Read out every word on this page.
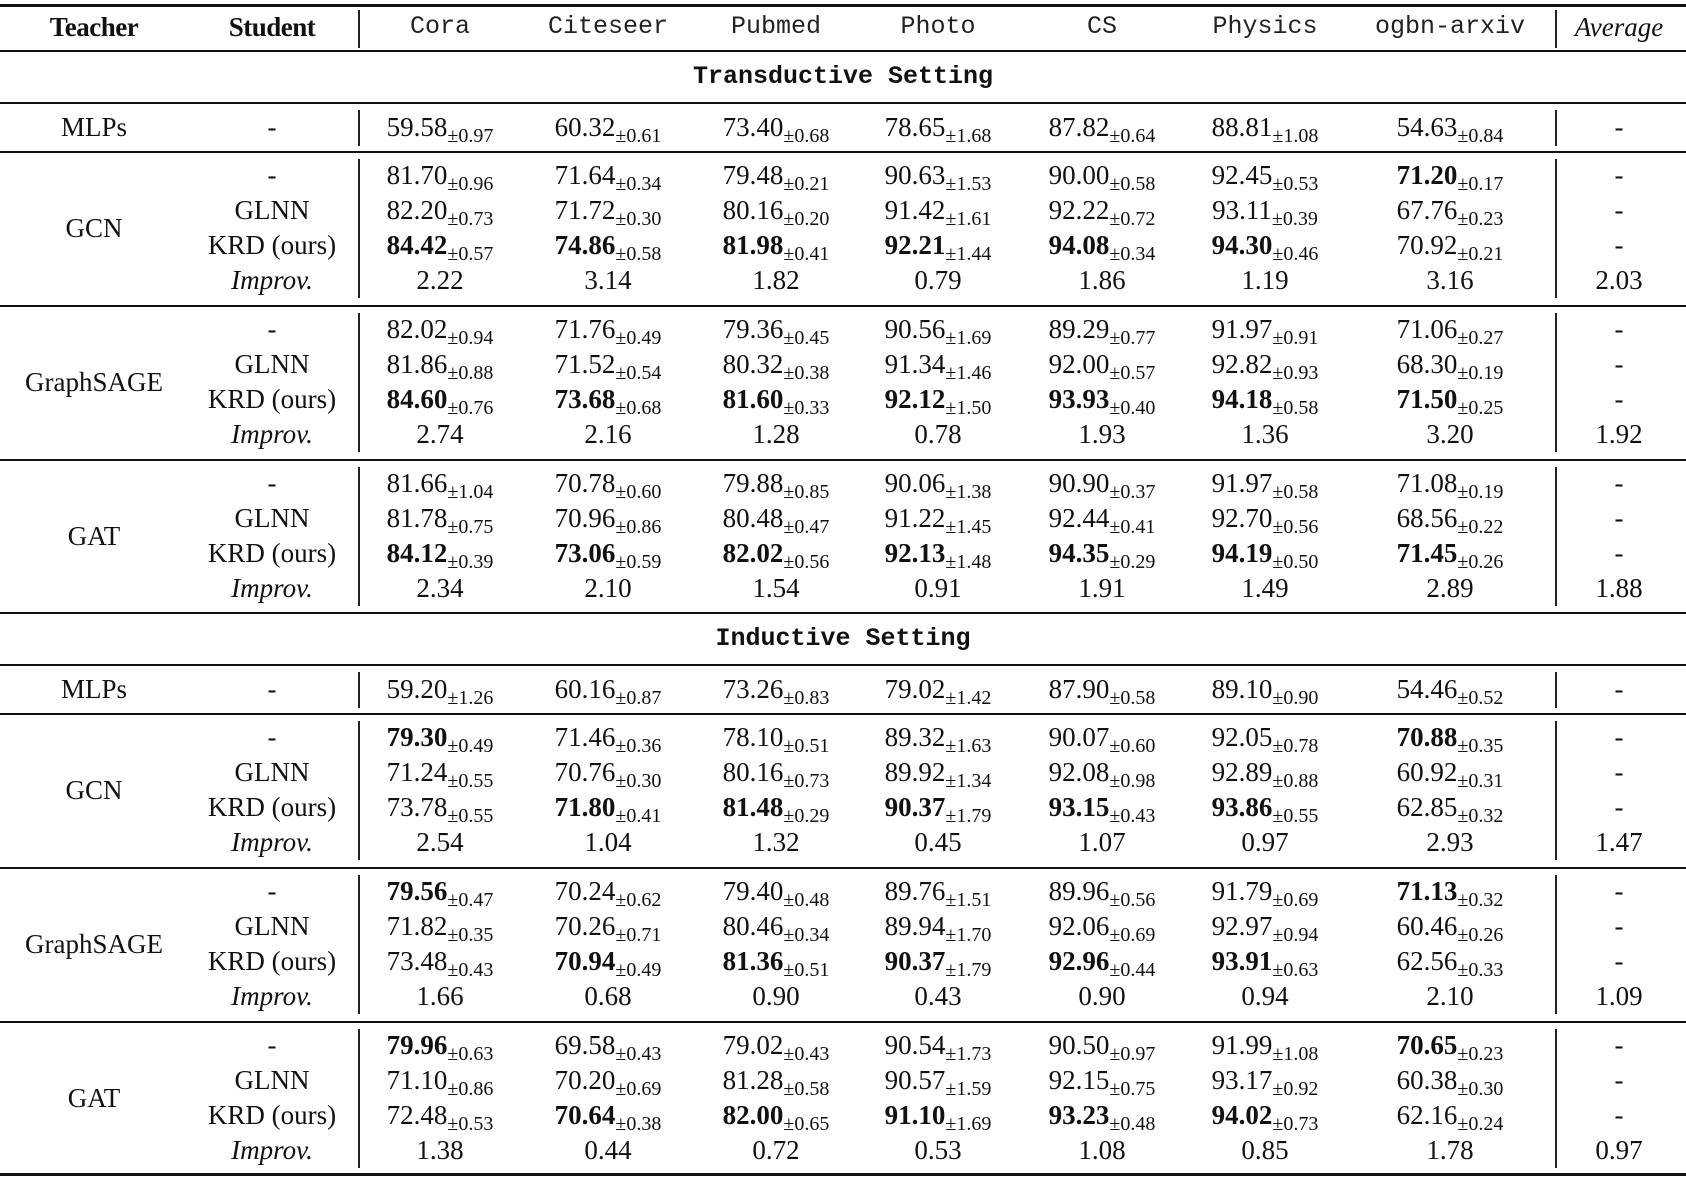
Teacher	Student	Cora	Citeseer	Pubmed	Photo	CS	Physics	ogbn-arxiv	Average
Transductive Setting
MLPs	-	$59.58_{\pm 0.97}$	$60.32_{\pm 0.61}$	$73.40_{\pm 0.68}$	$78.65_{\pm 1.68}$	$87.82_{\pm 0.64}$	$88.81_{\pm 1.08}$	$54.63_{\pm 0.84}$	-
GCN
-	$81.70_{\pm 0.96}$	$71.64_{\pm 0.34}$	$79.48_{\pm 0.21}$	$90.63_{\pm 1.53}$	$90.00_{\pm 0.58}$	$92.45_{\pm 0.53}$	$71.20_{\pm 0.17}$	-
GLNN	$82.20_{\pm 0.73}$	$71.72_{\pm 0.30}$	$80.16_{\pm 0.20}$	$91.42_{\pm 1.61}$	$92.22_{\pm 0.72}$	$93.11_{\pm 0.39}$	$67.76_{\pm 0.23}$	-
KRD (ours)	$84.42_{\pm 0.57}$	$74.86_{\pm 0.58}$	$81.98_{\pm 0.41}$	$92.21_{\pm 1.44}$	$94.08_{\pm 0.34}$	$94.30_{\pm 0.46}$	$70.92_{\pm 0.21}$	-
Improv.	2.22	3.14	1.82	0.79	1.86	1.19	3.16	2.03
GraphSAGE
-	$82.02_{\pm 0.94}$	$71.76_{\pm 0.49}$	$79.36_{\pm 0.45}$	$90.56_{\pm 1.69}$	$89.29_{\pm 0.77}$	$91.97_{\pm 0.91}$	$71.06_{\pm 0.27}$	-
GLNN	$81.86_{\pm 0.88}$	$71.52_{\pm 0.54}$	$80.32_{\pm 0.38}$	$91.34_{\pm 1.46}$	$92.00_{\pm 0.57}$	$92.82_{\pm 0.93}$	$68.30_{\pm 0.19}$	-
KRD (ours)	$84.60_{\pm 0.76}$	$73.68_{\pm 0.68}$	$81.60_{\pm 0.33}$	$92.12_{\pm 1.50}$	$93.93_{\pm 0.40}$	$94.18_{\pm 0.58}$	$71.50_{\pm 0.25}$	-
Improv.	2.74	2.16	1.28	0.78	1.93	1.36	3.20	1.92
GAT
-	$81.66_{\pm 1.04}$	$70.78_{\pm 0.60}$	$79.88_{\pm 0.85}$	$90.06_{\pm 1.38}$	$90.90_{\pm 0.37}$	$91.97_{\pm 0.58}$	$71.08_{\pm 0.19}$	-
GLNN	$81.78_{\pm 0.75}$	$70.96_{\pm 0.86}$	$80.48_{\pm 0.47}$	$91.22_{\pm 1.45}$	$92.44_{\pm 0.41}$	$92.70_{\pm 0.56}$	$68.56_{\pm 0.22}$	-
KRD (ours)	$84.12_{\pm 0.39}$	$73.06_{\pm 0.59}$	$82.02_{\pm 0.56}$	$92.13_{\pm 1.48}$	$94.35_{\pm 0.29}$	$94.19_{\pm 0.50}$	$71.45_{\pm 0.26}$	-
Improv.	2.34	2.10	1.54	0.91	1.91	1.49	2.89	1.88
Inductive Setting
MLPs	-	$59.20_{\pm 1.26}$	$60.16_{\pm 0.87}$	$73.26_{\pm 0.83}$	$79.02_{\pm 1.42}$	$87.90_{\pm 0.58}$	$89.10_{\pm 0.90}$	$54.46_{\pm 0.52}$	-
GCN
-	$79.30_{\pm 0.49}$	$71.46_{\pm 0.36}$	$78.10_{\pm 0.51}$	$89.32_{\pm 1.63}$	$90.07_{\pm 0.60}$	$92.05_{\pm 0.78}$	$70.88_{\pm 0.35}$	-
GLNN	$71.24_{\pm 0.55}$	$70.76_{\pm 0.30}$	$80.16_{\pm 0.73}$	$89.92_{\pm 1.34}$	$92.08_{\pm 0.98}$	$92.89_{\pm 0.88}$	$60.92_{\pm 0.31}$	-
KRD (ours)	$73.78_{\pm 0.55}$	$71.80_{\pm 0.41}$	$81.48_{\pm 0.29}$	$90.37_{\pm 1.79}$	$93.15_{\pm 0.43}$	$93.86_{\pm 0.55}$	$62.85_{\pm 0.32}$	-
Improv.	2.54	1.04	1.32	0.45	1.07	0.97	2.93	1.47
GraphSAGE
-	$79.56_{\pm 0.47}$	$70.24_{\pm 0.62}$	$79.40_{\pm 0.48}$	$89.76_{\pm 1.51}$	$89.96_{\pm 0.56}$	$91.79_{\pm 0.69}$	$71.13_{\pm 0.32}$	-
GLNN	$71.82_{\pm 0.35}$	$70.26_{\pm 0.71}$	$80.46_{\pm 0.34}$	$89.94_{\pm 1.70}$	$92.06_{\pm 0.69}$	$92.97_{\pm 0.94}$	$60.46_{\pm 0.26}$	-
KRD (ours)	$73.48_{\pm 0.43}$	$70.94_{\pm 0.49}$	$81.36_{\pm 0.51}$	$90.37_{\pm 1.79}$	$92.96_{\pm 0.44}$	$93.91_{\pm 0.63}$	$62.56_{\pm 0.33}$	-
Improv.	1.66	0.68	0.90	0.43	0.90	0.94	2.10	1.09
GAT
-	$79.96_{\pm 0.63}$	$69.58_{\pm 0.43}$	$79.02_{\pm 0.43}$	$90.54_{\pm 1.73}$	$90.50_{\pm 0.97}$	$91.99_{\pm 1.08}$	$70.65_{\pm 0.23}$	-
GLNN	$71.10_{\pm 0.86}$	$70.20_{\pm 0.69}$	$81.28_{\pm 0.58}$	$90.57_{\pm 1.59}$	$92.15_{\pm 0.75}$	$93.17_{\pm 0.92}$	$60.38_{\pm 0.30}$	-
KRD (ours)	$72.48_{\pm 0.53}$	$70.64_{\pm 0.38}$	$82.00_{\pm 0.65}$	$91.10_{\pm 1.69}$	$93.23_{\pm 0.48}$	$94.02_{\pm 0.73}$	$62.16_{\pm 0.24}$	-
Improv.	1.38	0.44	0.72	0.53	1.08	0.85	1.78	0.97
